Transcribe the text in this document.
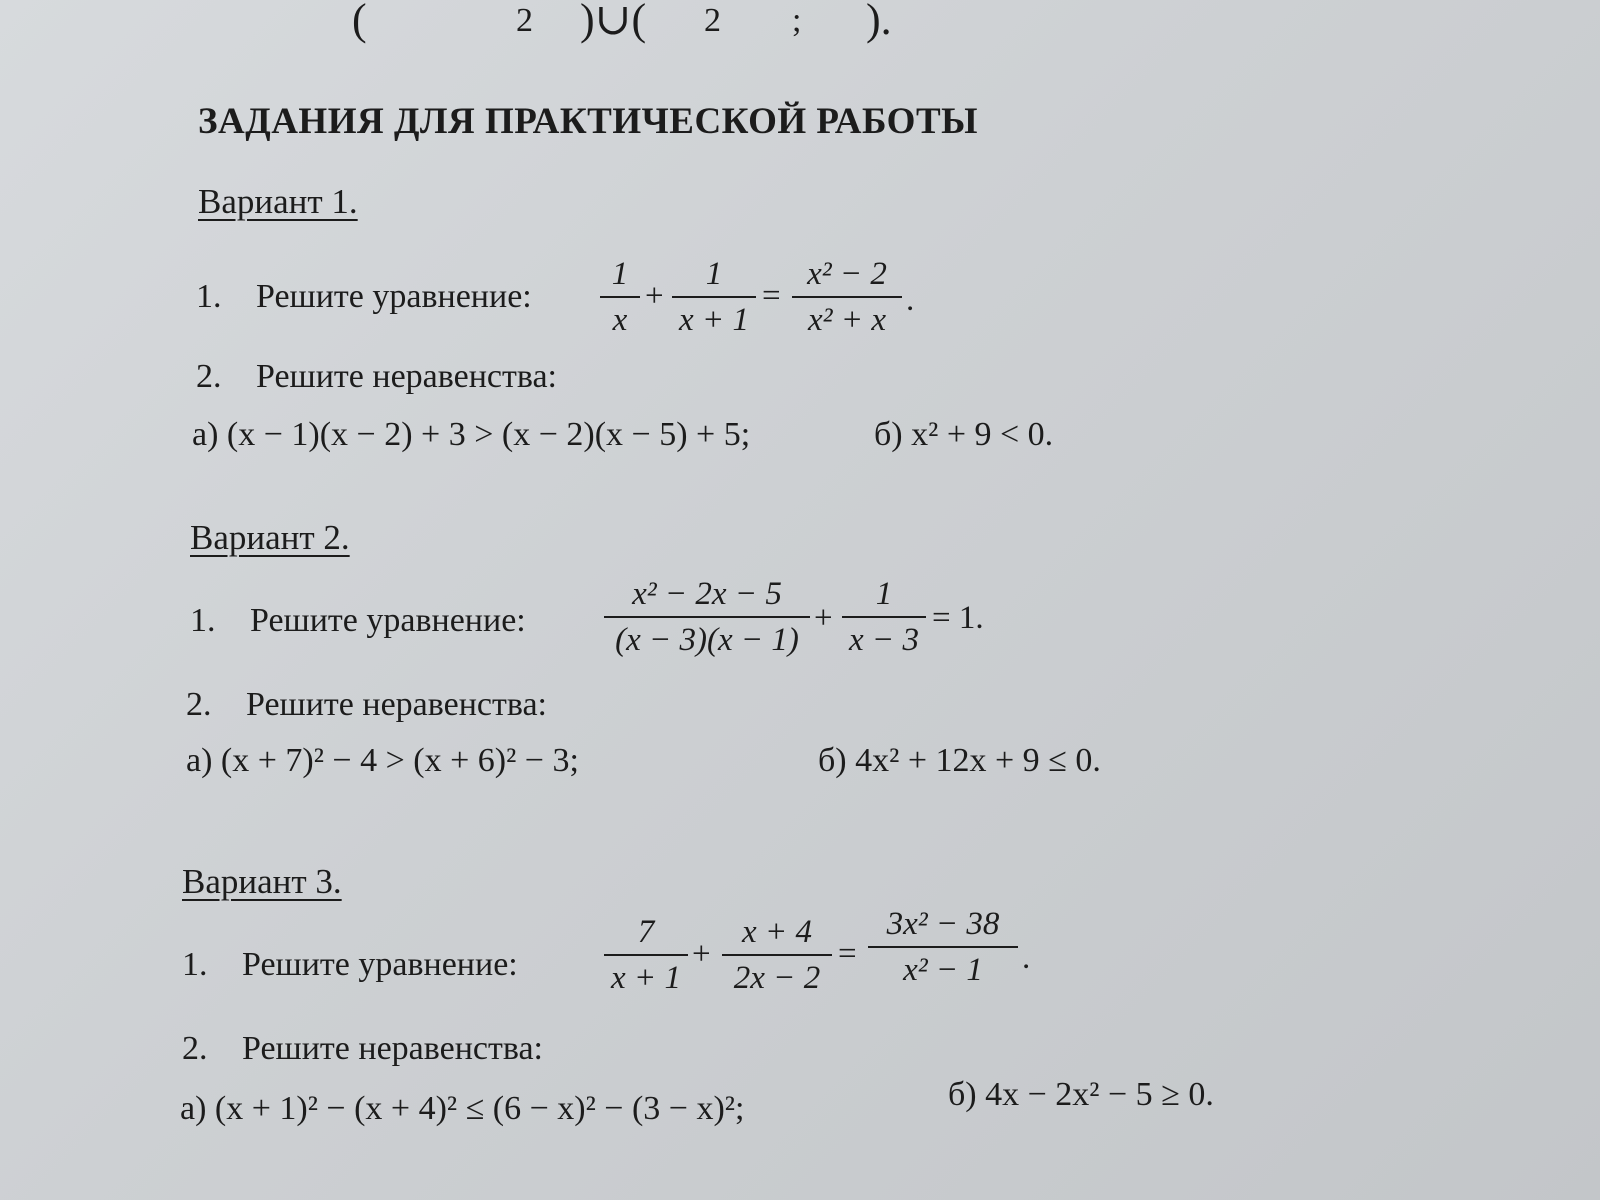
(	2 )∪( 2 ; ).
ЗАДАНИЯ ДЛЯ ПРАКТИЧЕСКОЙ РАБОТЫ
Вариант 1.
1. Решите уравнение: $\frac{1}{x} + \frac{1}{x + 1} = \frac{\text{x² − 2}}{\text{x² + x}}$ .
2. Решите неравенства:
а) (x − 1)(x − 2) + 3 > (x − 2)(x − 5) + 5;	б) x² + 9 < 0.
Вариант 2.
1. Решите уравнение: $\frac{\text{x² − 2x − 5}}{(x - 3)(x - 1)} + \frac{1}{x - 3} = 1$.
2. Решите неравенства:
а) (x + 7)² − 4 > (x + 6)² − 3;	б) 4x² + 12x + 9 ≤ 0.
Вариант 3.
1. Решите уравнение:	$\frac{7}{x + 1} + \frac{x + 4}{2x - 2} = \frac{\text{3x² − 38}}{\text{x² − 1}}$ .
2. Решите неравенства:
а) (x + 1)² − (x + 4)² ≤ (6 − x)² − (3 − x)²;	б) 4x − 2x² − 5 ≥ 0.
